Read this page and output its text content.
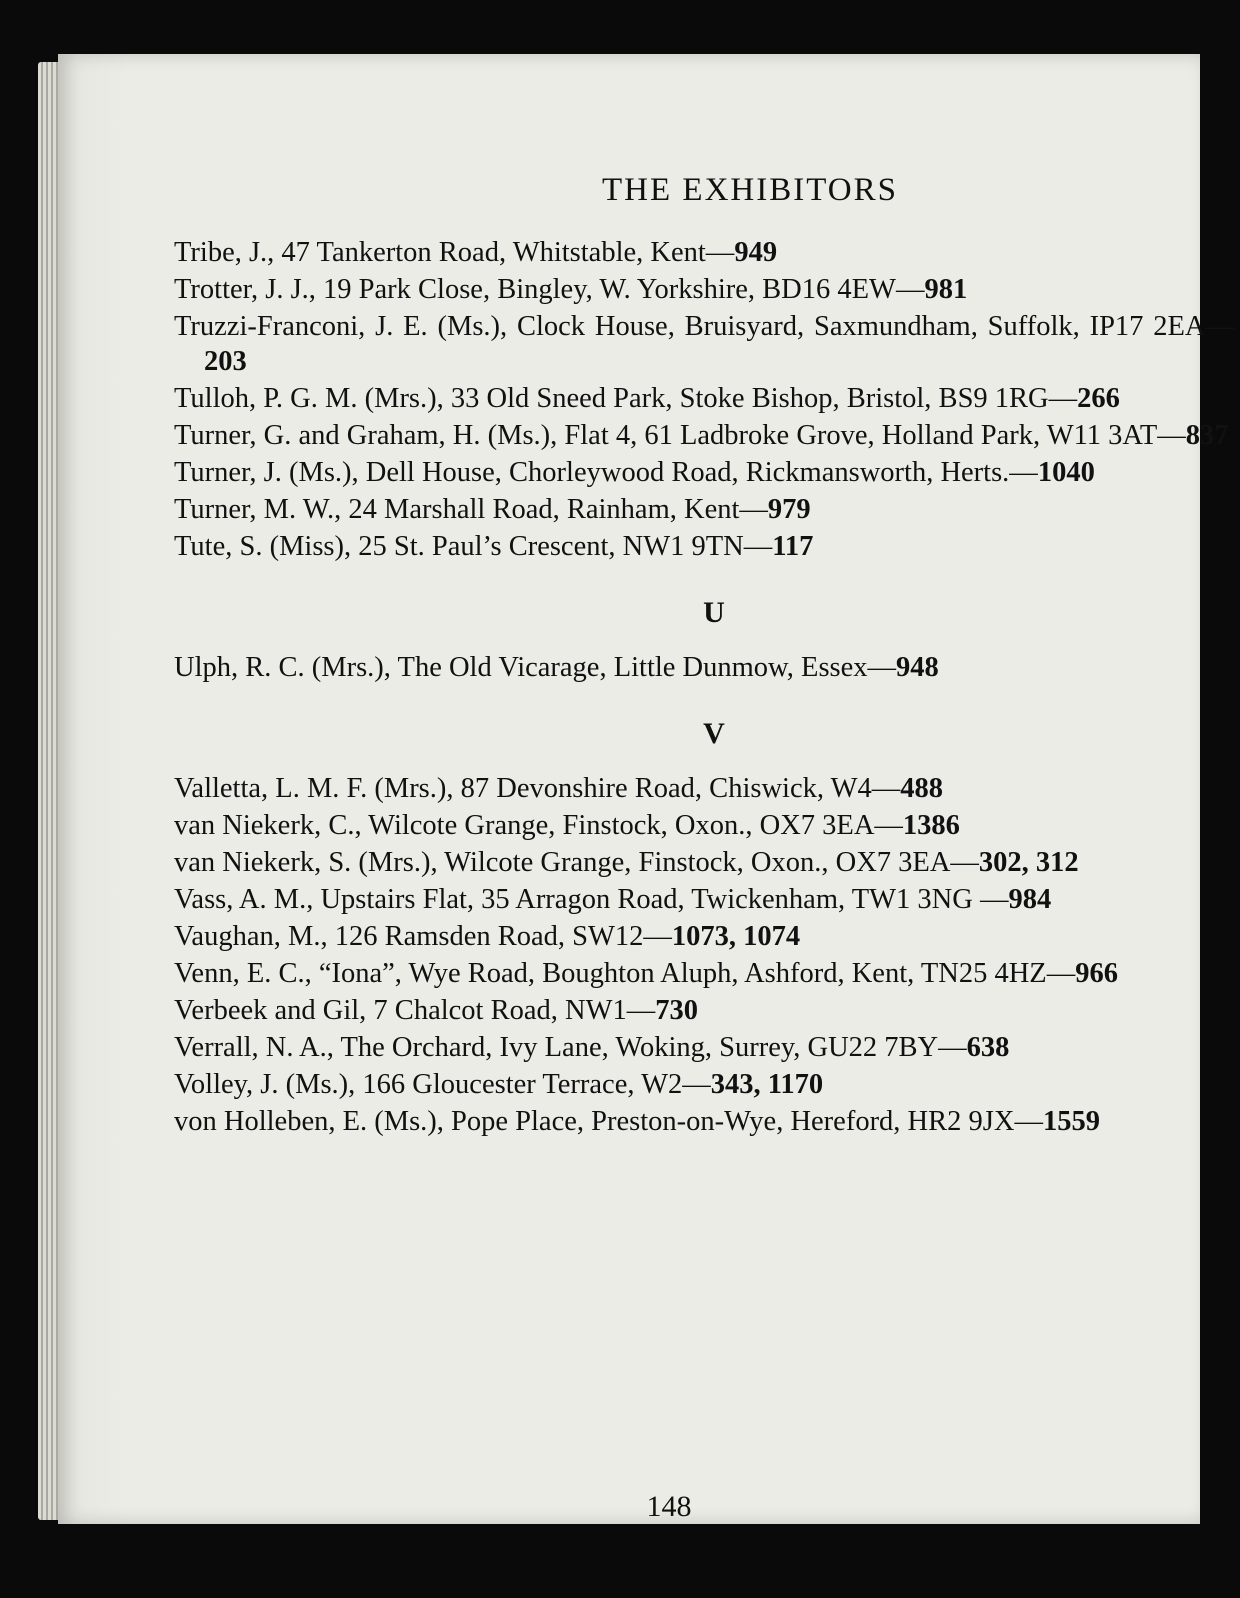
THE EXHIBITORS

Tribe, J., 47 Tankerton Road, Whitstable, Kent—949

Trotter, J. J., 19 Park Close, Bingley, W. Yorkshire, BD16 4EW—981

Truzzi-Franconi, J. E. (Ms.), Clock House, Bruisyard, Saxmundham, Suffolk, IP17 2EA—203

Tulloh, P. G. M. (Mrs.), 33 Old Sneed Park, Stoke Bishop, Bristol, BS9 1RG—266

Turner, G. and Graham, H. (Ms.), Flat 4, 61 Ladbroke Grove, Holland Park, W11 3AT—837

Turner, J. (Ms.), Dell House, Chorleywood Road, Rickmansworth, Herts.—1040

Turner, M. W., 24 Marshall Road, Rainham, Kent—979

Tute, S. (Miss), 25 St. Paul’s Crescent, NW1 9TN—117

U

Ulph, R. C. (Mrs.), The Old Vicarage, Little Dunmow, Essex—948

V

Valletta, L. M. F. (Mrs.), 87 Devonshire Road, Chiswick, W4—488

van Niekerk, C., Wilcote Grange, Finstock, Oxon., OX7 3EA—1386

van Niekerk, S. (Mrs.), Wilcote Grange, Finstock, Oxon., OX7 3EA—302, 312

Vass, A. M., Upstairs Flat, 35 Arragon Road, Twickenham, TW1 3NG —984

Vaughan, M., 126 Ramsden Road, SW12—1073, 1074

Venn, E. C., “Iona”, Wye Road, Boughton Aluph, Ashford, Kent, TN25 4HZ—966

Verbeek and Gil, 7 Chalcot Road, NW1—730

Verrall, N. A., The Orchard, Ivy Lane, Woking, Surrey, GU22 7BY—638

Volley, J. (Ms.), 166 Gloucester Terrace, W2—343, 1170

von Holleben, E. (Ms.), Pope Place, Preston-on-Wye, Hereford, HR2 9JX—1559

148
